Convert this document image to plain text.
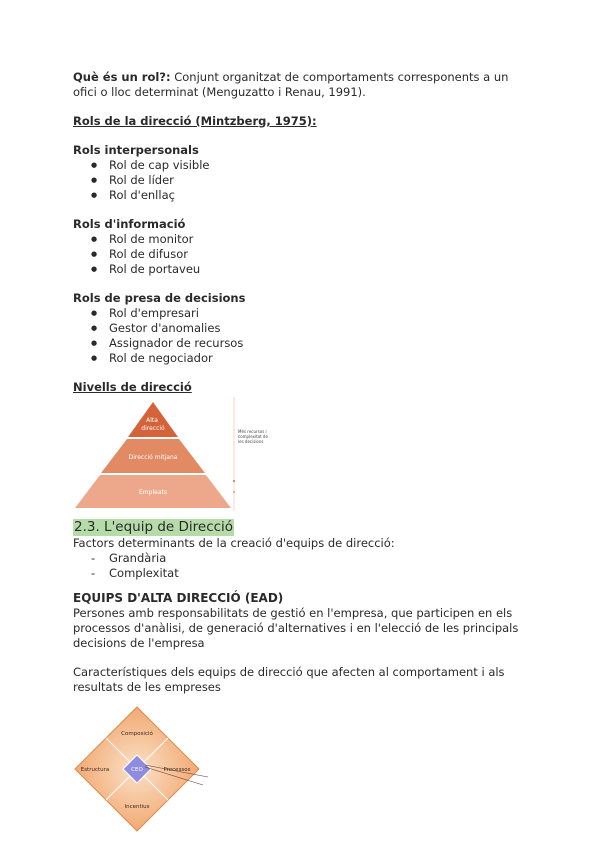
Què és un rol?: Conjunt organitzat de comportaments corresponents a un
ofici o lloc determinat (Menguzatto i Renau, 1991).

Rols de la direcció (Mintzberg, 1975):

Rols interpersonals

● Rol de cap visible
● Rol de líder
● Rol d'enllaç

Rols d'informació

● Rol de monitor
● Rol de difusor
● Rol de portaveu

Rols de presa de decisions

● Rol d'empresari
● Gestor d'anomalies
● Assignador de recursos
● Rol de negociador

Nivells de direcció

Alta direcció
Direcció mitjana
Empleats
Més recursos i complexitat de les decisions
2.3. L'equip de Direcció

Factors determinants de la creació d'equips de direcció:

- Grandària
- Complexitat

EQUIPS D'ALTA DIRECCIÓ (EAD)

Persones amb responsabilitats de gestió en l'empresa, que participen en els
processos d'anàlisi, de generació d'alternatives i en l'elecció de les principals
decisions de l'empresa

Característiques dels equips de direcció que afecten al comportament i als
resultats de les empreses

Composició
Estructura	Processos
Incentius
CEO
